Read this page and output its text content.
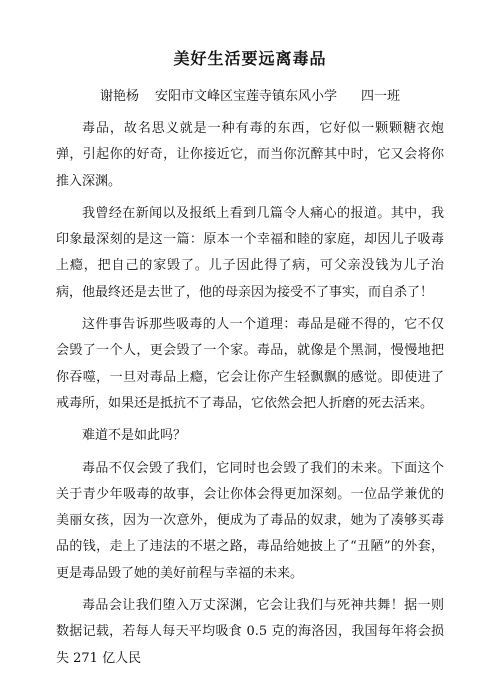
美好生活要远离毒品
谢艳杨 安阳市文峰区宝莲寺镇东风小学 四一班

毒品，故名思义就是一种有毒的东西，它好似一颗颗糖衣炮弹，引起你的好奇，让你接近它，而当你沉醉其中时，它又会将你推入深渊。

我曾经在新闻以及报纸上看到几篇令人痛心的报道。其中，我印象最深刻的是这一篇：原本一个幸福和睦的家庭，却因儿子吸毒上瘾，把自己的家毁了。儿子因此得了病，可父亲没钱为儿子治病，他最终还是去世了，他的母亲因为接受不了事实，而自杀了！

这件事告诉那些吸毒的人一个道理：毒品是碰不得的，它不仅会毁了一个人，更会毁了一个家。毒品，就像是个黑洞，慢慢地把你吞噬，一旦对毒品上瘾，它会让你产生轻飘飘的感觉。即使进了戒毒所，如果还是抵抗不了毒品，它依然会把人折磨的死去活来。

难道不是如此吗？

毒品不仅会毁了我们，它同时也会毁了我们的未来。下面这个关于青少年吸毒的故事，会让你体会得更加深刻。一位品学兼优的美丽女孩，因为一次意外，便成为了毒品的奴隶，她为了凑够买毒品的钱，走上了违法的不堪之路，毒品给她披上了“丑陋”的外套，更是毒品毁了她的美好前程与幸福的未来。

毒品会让我们堕入万丈深渊，它会让我们与死神共舞！据一则数据记载，若每人每天平均吸食 0.5 克的海洛因，我国每年将会损失 271 亿人民
